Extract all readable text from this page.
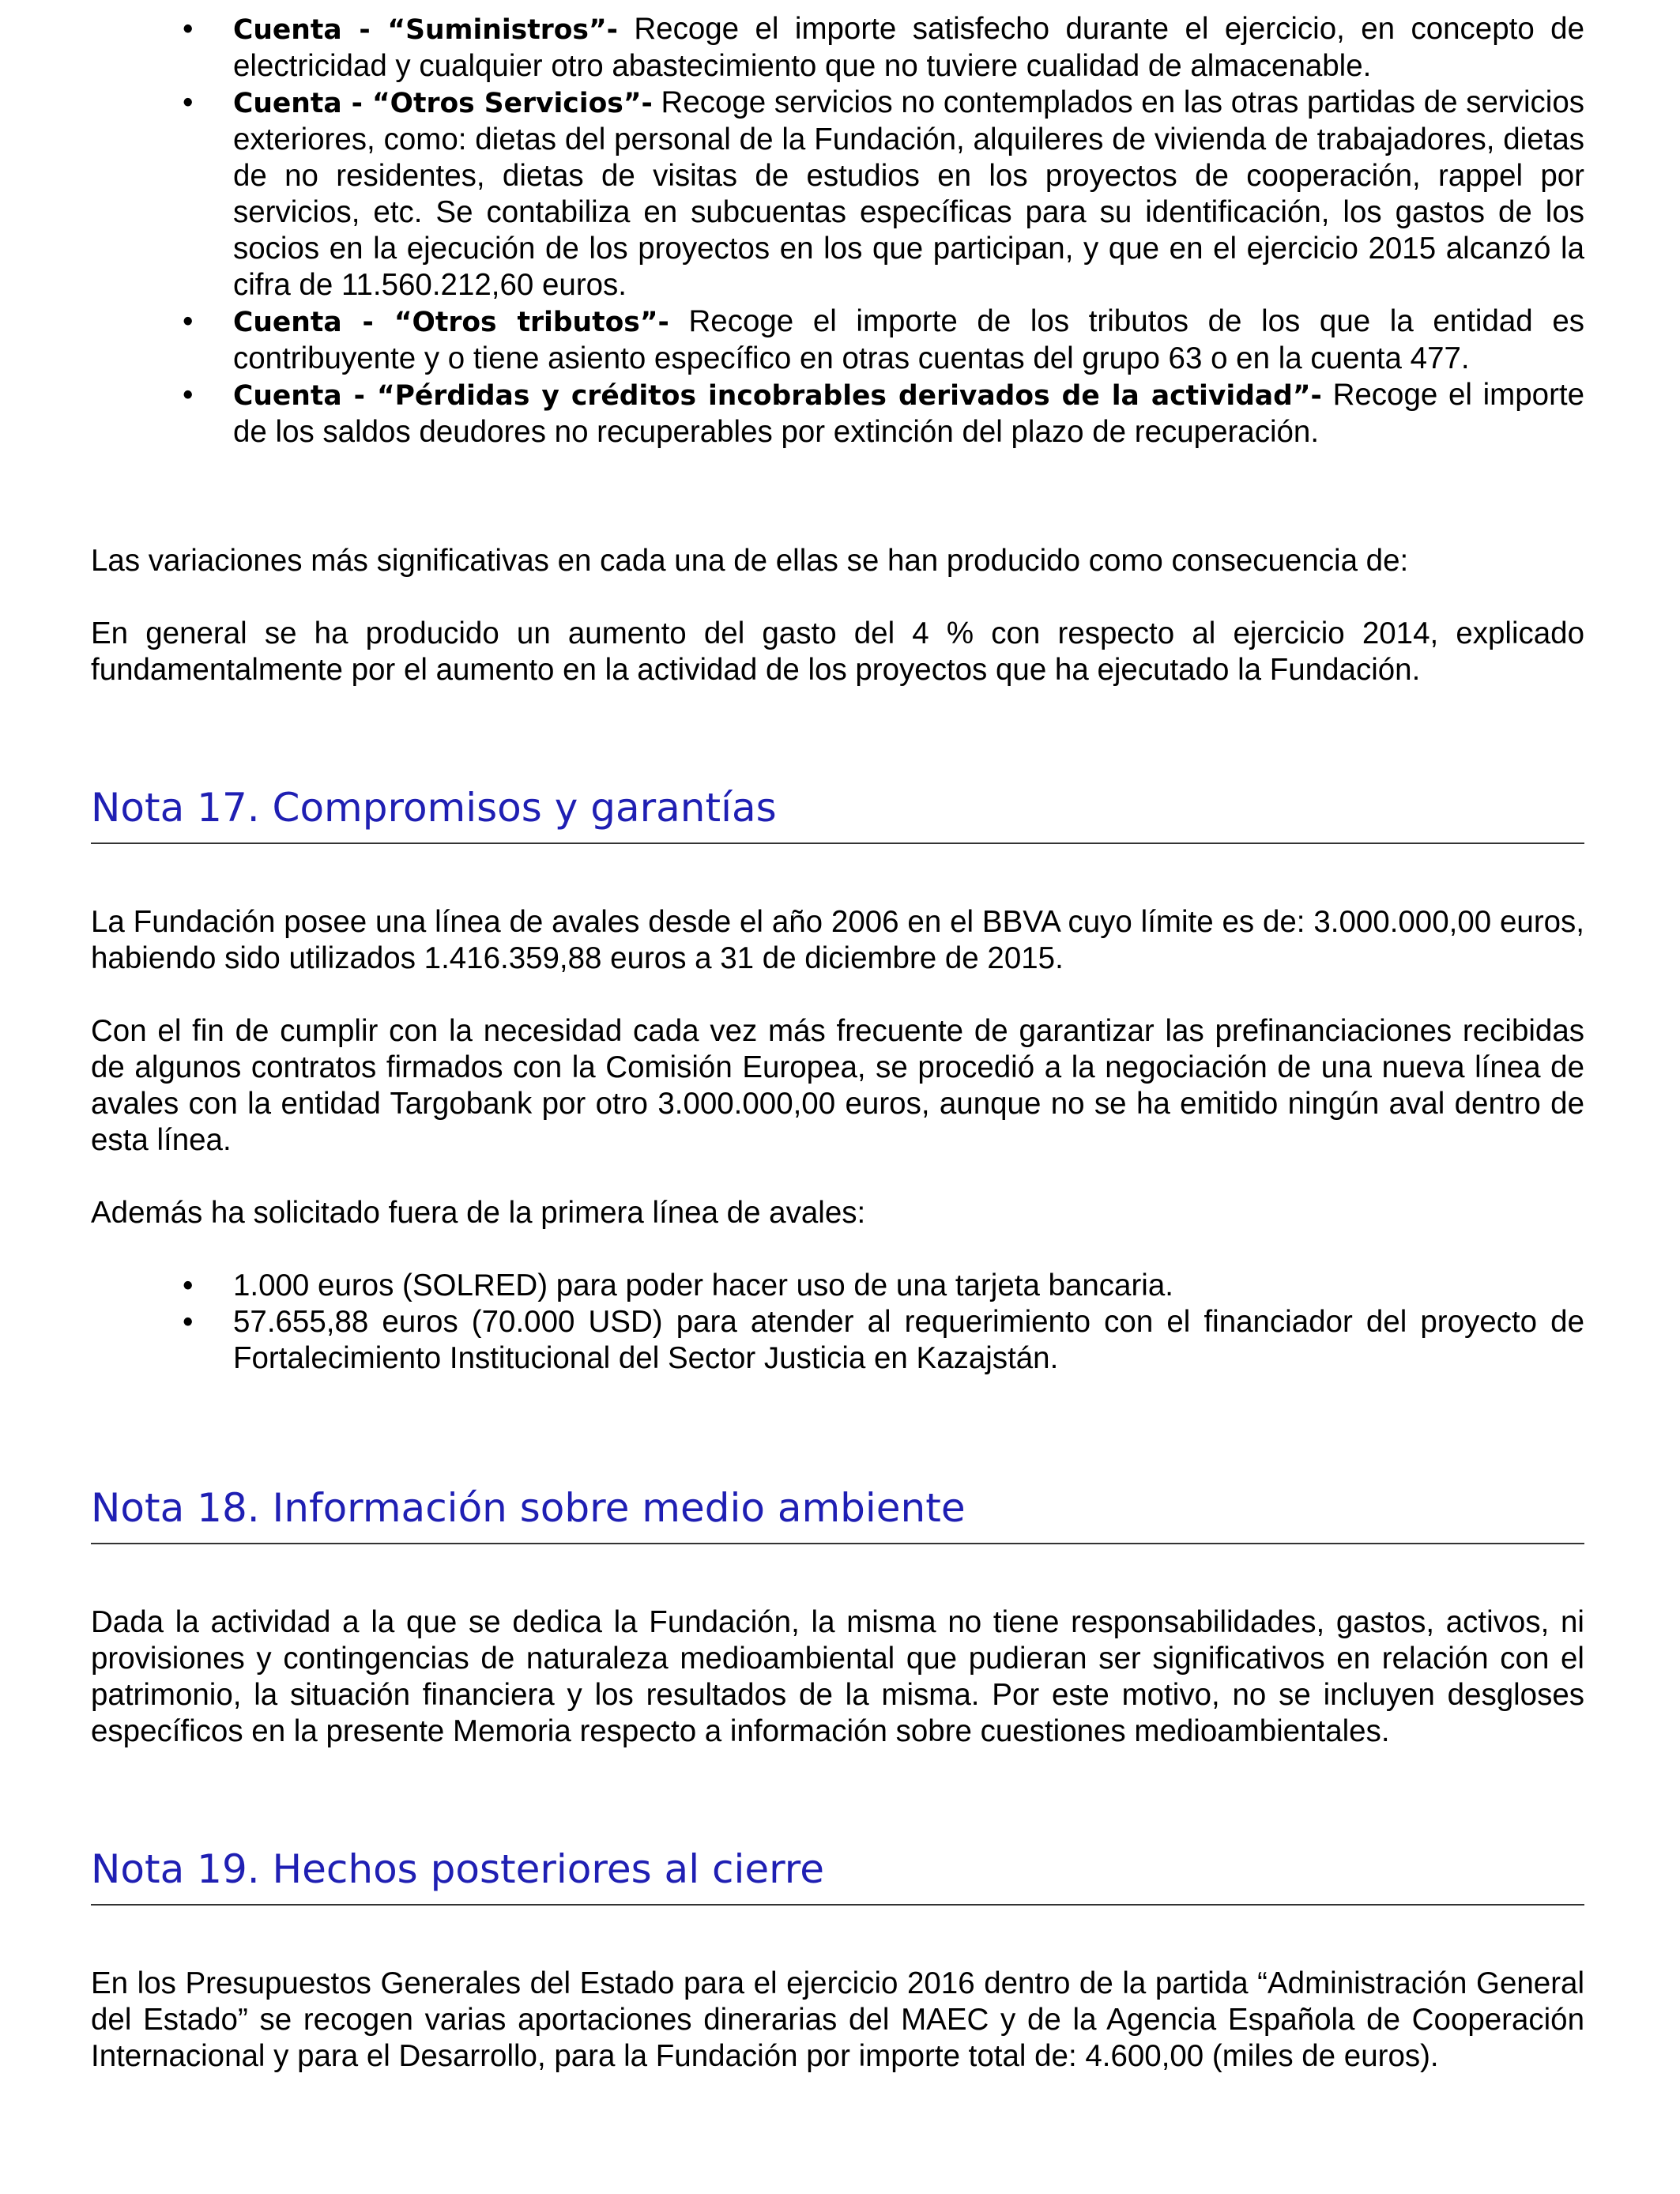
• Cuenta - “Suministros”- Recoge el importe satisfecho durante el ejercicio, en concepto de electricidad y cualquier otro abastecimiento que no tuviere cualidad de almacenable.
• Cuenta - “Otros Servicios”- Recoge servicios no contemplados en las otras partidas de servicios exteriores, como: dietas del personal de la Fundación, alquileres de vivienda de trabajadores, dietas de no residentes, dietas de visitas de estudios en los proyectos de cooperación, rappel por servicios, etc. Se contabiliza en subcuentas específicas para su identificación, los gastos de los socios en la ejecución de los proyectos en los que participan, y que en el ejercicio 2015 alcanzó la cifra de 11.560.212,60 euros.
• Cuenta - “Otros tributos”- Recoge el importe de los tributos de los que la entidad es contribuyente y o tiene asiento específico en otras cuentas del grupo 63 o en la cuenta 477.
• Cuenta - “Pérdidas y créditos incobrables derivados de la actividad”- Recoge el importe de los saldos deudores no recuperables por extinción del plazo de recuperación.

Las variaciones más significativas en cada una de ellas se han producido como consecuencia de:

En general se ha producido un aumento del gasto del 4 % con respecto al ejercicio 2014, explicado fundamentalmente por el aumento en la actividad de los proyectos que ha ejecutado la Fundación.

Nota 17. Compromisos y garantías

La Fundación posee una línea de avales desde el año 2006 en el BBVA cuyo límite es de: 3.000.000,00 euros, habiendo sido utilizados 1.416.359,88 euros a 31 de diciembre de 2015.

Con el fin de cumplir con la necesidad cada vez más frecuente de garantizar las prefinanciaciones recibidas de algunos contratos firmados con la Comisión Europea, se procedió a la negociación de una nueva línea de avales con la entidad Targobank por otro 3.000.000,00 euros, aunque no se ha emitido ningún aval dentro de esta línea.

Además ha solicitado fuera de la primera línea de avales:

• 1.000 euros (SOLRED) para poder hacer uso de una tarjeta bancaria.
• 57.655,88 euros (70.000 USD) para atender al requerimiento con el financiador del proyecto de Fortalecimiento Institucional del Sector Justicia en Kazajstán.
Nota 18. Información sobre medio ambiente

Dada la actividad a la que se dedica la Fundación, la misma no tiene responsabilidades, gastos, activos, ni provisiones y contingencias de naturaleza medioambiental que pudieran ser significativos en relación con el patrimonio, la situación financiera y los resultados de la misma. Por este motivo, no se incluyen desgloses específicos en la presente Memoria respecto a información sobre cuestiones medioambientales.

Nota 19. Hechos posteriores al cierre

En los Presupuestos Generales del Estado para el ejercicio 2016 dentro de la partida “Administración General del Estado” se recogen varias aportaciones dinerarias del MAEC y de la Agencia Española de Cooperación Internacional y para el Desarrollo, para la Fundación por importe total de: 4.600,00 (miles de euros).
